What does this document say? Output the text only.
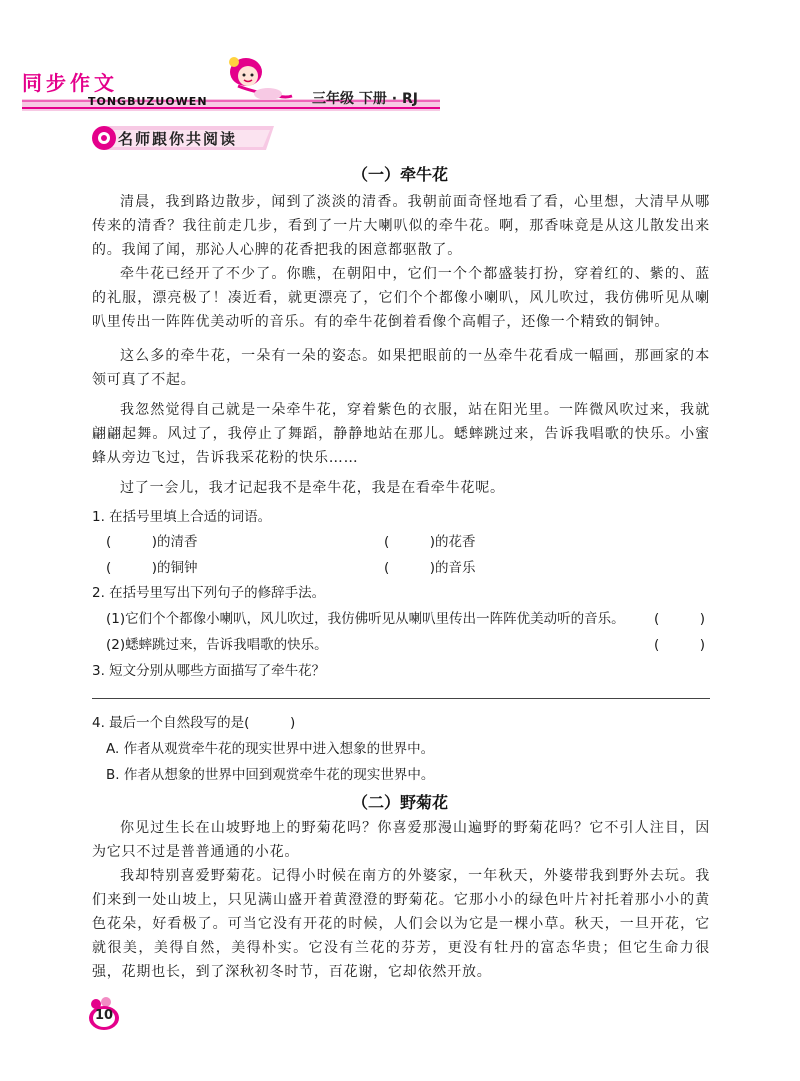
同步作文
TONGBUZUOWEN	三年级 下册 · RJ
名师跟你共阅读
（一）牵牛花
清晨，我到路边散步，闻到了淡淡的清香。我朝前面奇怪地看了看，心里想，大清早从哪传来的清香？我往前走几步，看到了一片大喇叭似的牵牛花。啊，那香味竟是从这儿散发出来的。我闻了闻，那沁人心脾的花香把我的困意都驱散了。
牵牛花已经开了不少了。你瞧，在朝阳中，它们一个个都盛装打扮，穿着红的、紫的、蓝的礼服，漂亮极了！凑近看，就更漂亮了，它们个个都像小喇叭，风儿吹过，我仿佛听见从喇叭里传出一阵阵优美动听的音乐。有的牵牛花倒着看像个高帽子，还像一个精致的铜钟。
这么多的牵牛花，一朵有一朵的姿态。如果把眼前的一丛牵牛花看成一幅画，那画家的本领可真了不起。
我忽然觉得自己就是一朵牵牛花，穿着紫色的衣服，站在阳光里。一阵微风吹过来，我就翩翩起舞。风过了，我停止了舞蹈，静静地站在那儿。蟋蟀跳过来，告诉我唱歌的快乐。小蜜蜂从旁边飞过，告诉我采花粉的快乐……
过了一会儿，我才记起我不是牵牛花，我是在看牵牛花呢。
1. 在括号里填上合适的词语。
(　　　)的清香	(　　　)的花香
(　　　)的铜钟	(　　　)的音乐
2. 在括号里写出下列句子的修辞手法。
(1)它们个个都像小喇叭，风儿吹过，我仿佛听见从喇叭里传出一阵阵优美动听的音乐。 (　　　)
(2)蟋蟀跳过来，告诉我唱歌的快乐。	(　　　)
3. 短文分别从哪些方面描写了牵牛花？
4. 最后一个自然段写的是(　　　)
A. 作者从观赏牵牛花的现实世界中进入想象的世界中。
B. 作者从想象的世界中回到观赏牵牛花的现实世界中。
（二）野菊花
你见过生长在山坡野地上的野菊花吗？你喜爱那漫山遍野的野菊花吗？它不引人注目，因为它只不过是普普通通的小花。
我却特别喜爱野菊花。记得小时候在南方的外婆家，一年秋天，外婆带我到野外去玩。我们来到一处山坡上，只见满山盛开着黄澄澄的野菊花。它那小小的绿色叶片衬托着那小小的黄色花朵，好看极了。可当它没有开花的时候，人们会以为它是一棵小草。秋天，一旦开花，它就很美，美得自然，美得朴实。它没有兰花的芬芳，更没有牡丹的富态华贵；但它生命力很强，花期也长，到了深秋初冬时节，百花谢，它却依然开放。
10
